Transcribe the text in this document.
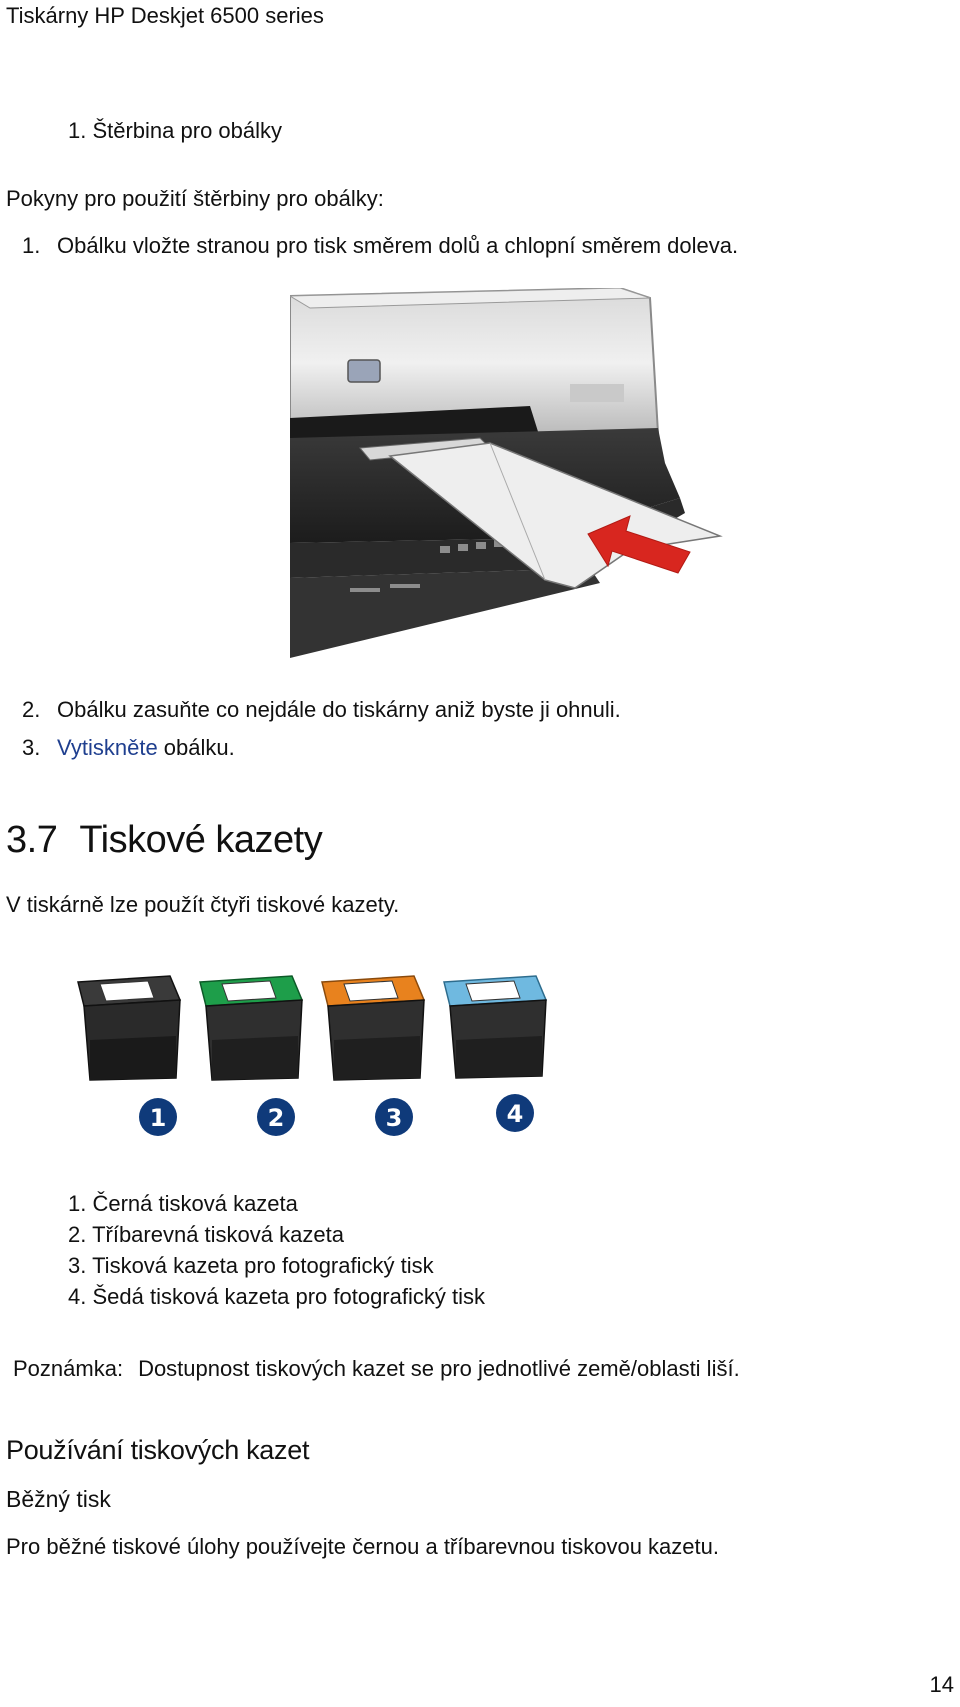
Tiskárny HP Deskjet 6500 series
1. Štěrbina pro obálky
Pokyny pro použití štěrbiny pro obálky:
1. Obálku vložte stranou pro tisk směrem dolů a chlopní směrem doleva.
2. Obálku zasuňte co nejdále do tiskárny aniž byste ji ohnuli.
3. Vytiskněte obálku.
3.7 Tiskové kazety
V tiskárně lze použít čtyři tiskové kazety.
1	2	3	4
1. Černá tisková kazeta
2. Tříbarevná tisková kazeta
3. Tisková kazeta pro fotografický tisk
4. Šedá tisková kazeta pro fotografický tisk
Poznámka: Dostupnost tiskových kazet se pro jednotlivé země/oblasti liší.
Používání tiskových kazet
Běžný tisk
Pro běžné tiskové úlohy používejte černou a tříbarevnou tiskovou kazetu.
14
